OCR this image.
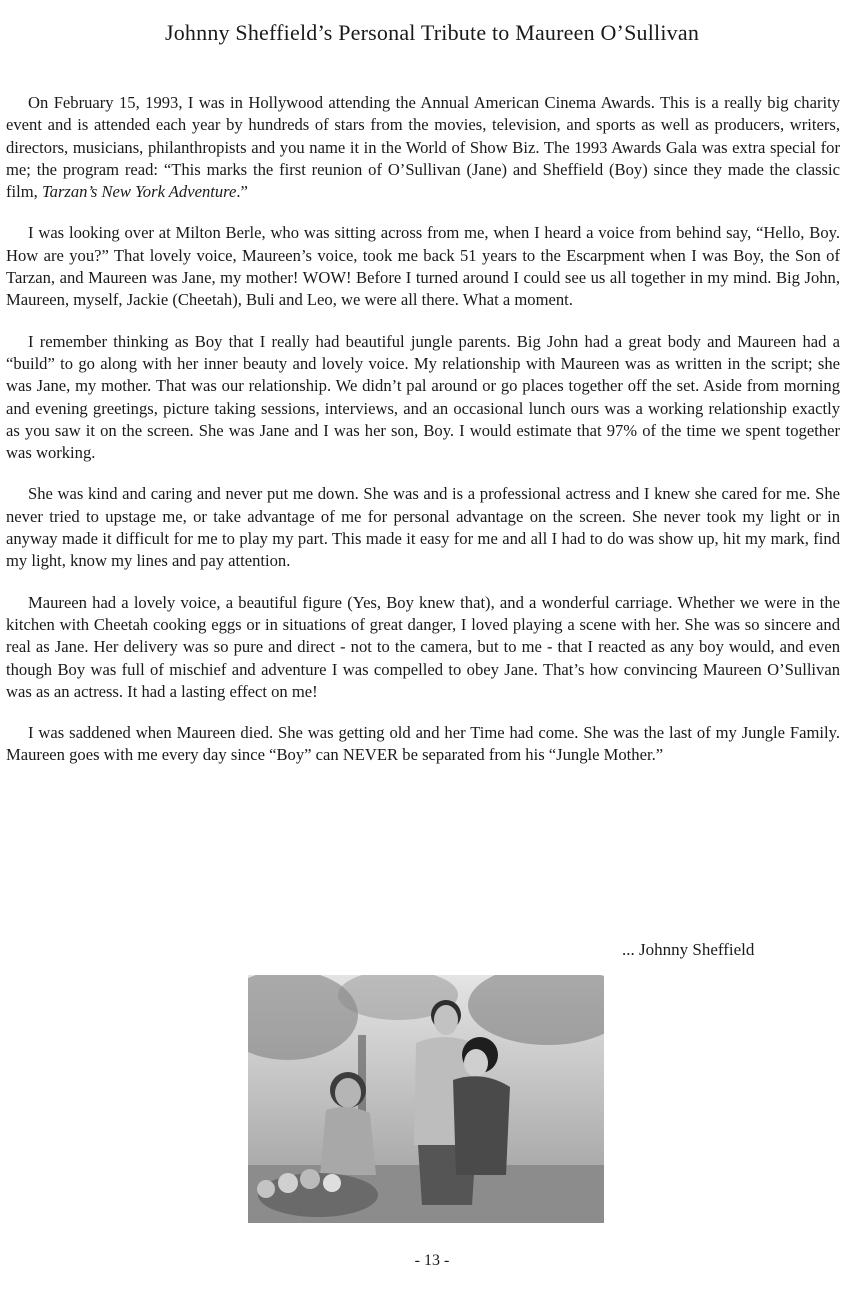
Johnny Sheffield’s Personal Tribute to Maureen O’Sullivan

On February 15, 1993, I was in Hollywood attending the Annual American Cinema Awards. This is a really big charity event and is attended each year by hundreds of stars from the movies, television, and sports as well as producers, writers, directors, musicians, philanthropists and you name it in the World of Show Biz. The 1993 Awards Gala was extra special for me; the program read: “This marks the first reunion of O’Sullivan (Jane) and Sheffield (Boy) since they made the classic film, Tarzan’s New York Adventure.”

I was looking over at Milton Berle, who was sitting across from me, when I heard a voice from behind say, “Hello, Boy. How are you?” That lovely voice, Maureen’s voice, took me back 51 years to the Escarpment when I was Boy, the Son of Tarzan, and Maureen was Jane, my mother! WOW! Before I turned around I could see us all together in my mind. Big John, Maureen, myself, Jackie (Cheetah), Buli and Leo, we were all there. What a moment.

I remember thinking as Boy that I really had beautiful jungle parents. Big John had a great body and Maureen had a “build” to go along with her inner beauty and lovely voice. My relationship with Maureen was as written in the script; she was Jane, my mother. That was our relationship. We didn’t pal around or go places together off the set. Aside from morning and evening greetings, picture taking sessions, interviews, and an occasional lunch ours was a working relationship exactly as you saw it on the screen. She was Jane and I was her son, Boy. I would estimate that 97% of the time we spent together was working.

She was kind and caring and never put me down. She was and is a professional actress and I knew she cared for me. She never tried to upstage me, or take advantage of me for personal advantage on the screen. She never took my light or in anyway made it difficult for me to play my part. This made it easy for me and all I had to do was show up, hit my mark, find my light, know my lines and pay attention.

Maureen had a lovely voice, a beautiful figure (Yes, Boy knew that), and a wonderful carriage. Whether we were in the kitchen with Cheetah cooking eggs or in situations of great danger, I loved playing a scene with her. She was so sincere and real as Jane. Her delivery was so pure and direct - not to the camera, but to me - that I reacted as any boy would, and even though Boy was full of mischief and adventure I was compelled to obey Jane. That’s how convincing Maureen O’Sullivan was as an actress. It had a lasting effect on me!

I was saddened when Maureen died. She was getting old and her Time had come. She was the last of my Jungle Family. Maureen goes with me every day since “Boy” can NEVER be separated from his “Jungle Mother.”

... Johnny Sheffield
- 13 -
